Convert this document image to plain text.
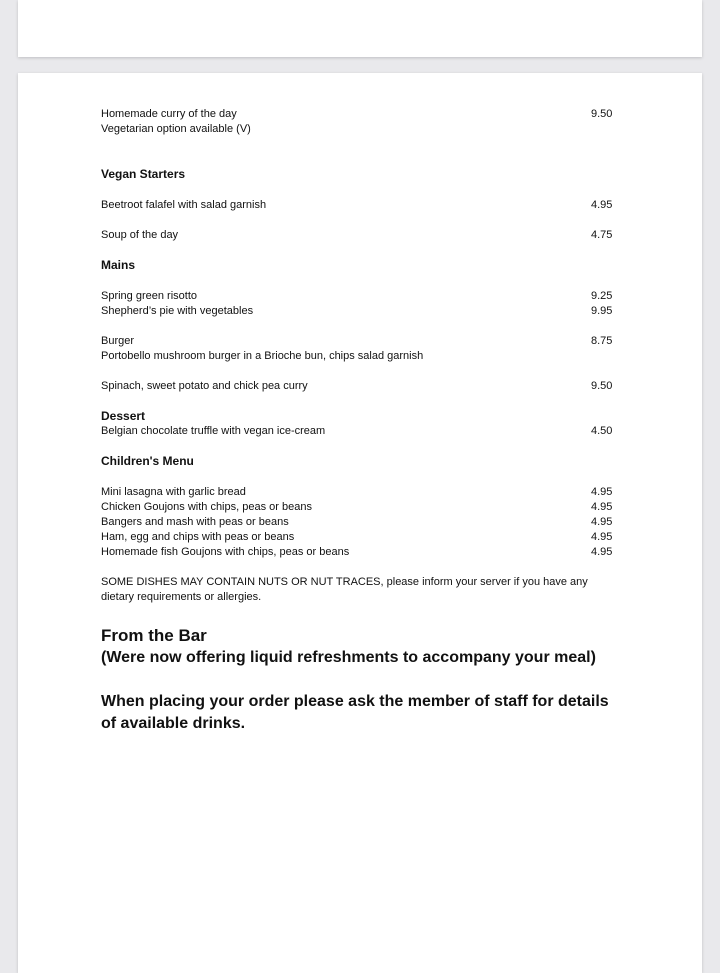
Homemade curry of the day	9.50
Vegetarian option available (V)
Vegan Starters
Beetroot falafel with salad garnish	4.95
Soup of the day	4.75
Mains
Spring green risotto	9.25
Shepherd’s pie with vegetables	9.95
Burger	8.75
Portobello mushroom burger in a Brioche bun, chips salad garnish
Spinach, sweet potato and chick pea curry	9.50
Dessert
Belgian chocolate truffle with vegan ice-cream	4.50
Children's Menu
Mini lasagna with garlic bread	4.95
Chicken Goujons with chips, peas or beans	4.95
Bangers and mash with peas or beans	4.95
Ham, egg and chips with peas or beans	4.95
Homemade fish Goujons with chips, peas or beans	4.95
SOME DISHES MAY CONTAIN NUTS OR NUT TRACES, please inform your server if you have any dietary requirements or allergies.
From the Bar
(Were now offering liquid refreshments to accompany your meal)
When placing your order please ask the member of staff for details of available drinks.
